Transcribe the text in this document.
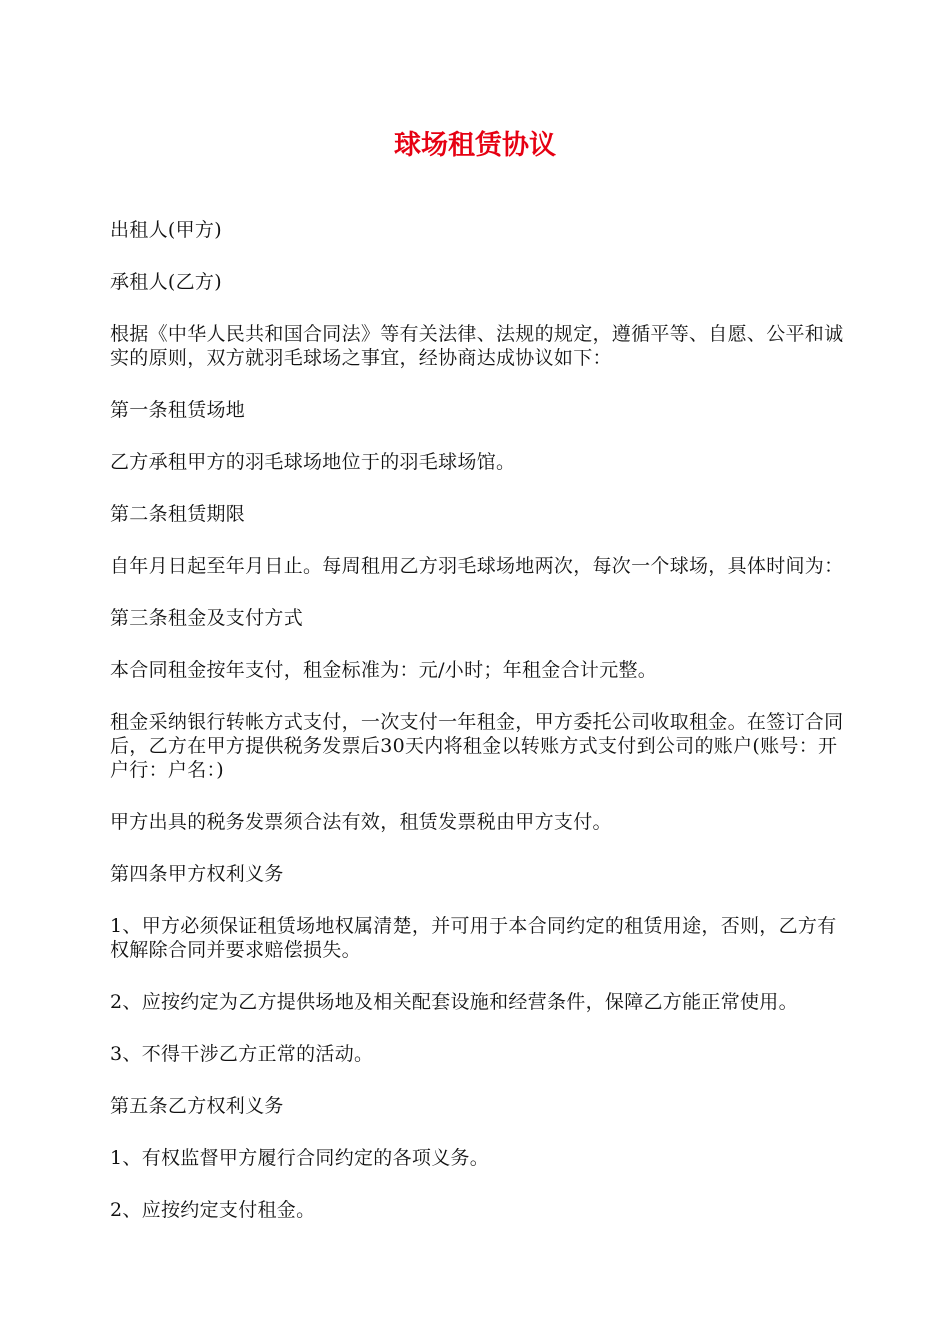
球场租赁协议

出租人(甲方)

承租人(乙方)

根据《中华人民共和国合同法》等有关法律、法规的规定，遵循平等、自愿、公平和诚实的原则，双方就羽毛球场之事宜，经协商达成协议如下：

第一条租赁场地

乙方承租甲方的羽毛球场地位于的羽毛球场馆。

第二条租赁期限

自年月日起至年月日止。每周租用乙方羽毛球场地两次，每次一个球场，具体时间为：

第三条租金及支付方式

本合同租金按年支付，租金标准为：元/小时；年租金合计元整。

租金采纳银行转帐方式支付，一次支付一年租金，甲方委托公司收取租金。在签订合同后，乙方在甲方提供税务发票后30天内将租金以转账方式支付到公司的账户(账号：开户行：户名：)

甲方出具的税务发票须合法有效，租赁发票税由甲方支付。

第四条甲方权利义务

1、甲方必须保证租赁场地权属清楚，并可用于本合同约定的租赁用途，否则，乙方有权解除合同并要求赔偿损失。

2、应按约定为乙方提供场地及相关配套设施和经营条件，保障乙方能正常使用。

3、不得干涉乙方正常的活动。

第五条乙方权利义务

1、有权监督甲方履行合同约定的各项义务。

2、应按约定支付租金。
